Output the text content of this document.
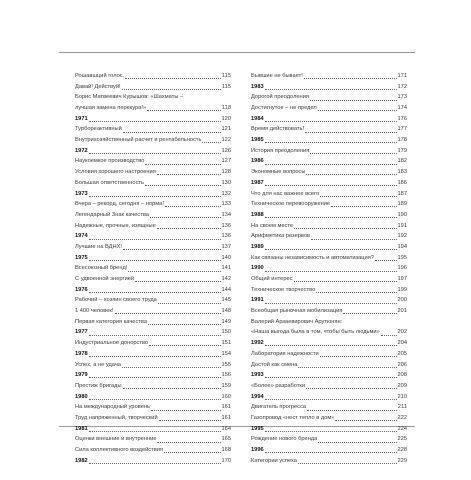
Рошавшций голос.	115
Давай! Действуй!	115
Борис Матвеевич Курышов: «Шахматы –
лучшая замена перекура!»	118
1971	120
Турбореактивный	121
Внутрихозяйственный расчет и рентабельность	122
1972	126
Наукоемкое производство	127
Условия хорошего настроения	128
Большая ответственность	130
1973	132
Вчера – рекорд, сегодня – норма!	133
Легендарный Знак качества	134
Надежные, прочные, изящные	136
1974	136
Лучшие на ВДНХ!	137
1975	140
Всесоюзный бренд!	141
С удвоенной энергией	142
1976	144
Рабочий – хозяин своего труда	145
1 400 человек!	148
Первая категория качества	149
1977	150
Индустриальное донорство	151
1978	154
Успех, а не удача	155
1979	156
Престиж бригады	159
1980	160
На международный уровень	161
Труд напряженный, творческий	161
1981	164
Оценки внешние и внутренние	165
Сила коллективного воздействия	168
1982	170
Бывшие не бывает!	171
1983	172
Дорогой преодоления	173
Достигнутое – не предел	174
1984	176
Время действовать!	177
1985	178
История преодоления	179
1986	182
Экономные вопросы	183
1987	186
Что для нас важнее всего	187
Техническое перевооружение	189
1988	190
На своем месте	191
Арифметика резервов	192
1989	194
Как связаны независимость и автоматизация?	195
1990	196
Общий интерес	197
Техническое творчество	199
1991	200
Всеобщая рыночная мобилизация	201
Валерий Арзаевирович Арутюнян:
«Наша выгода была в том, чтобы быть людьми»	202
1992	204
Лаборатория надежности	205
Достой как смена	206
1993	208
«Более» разработки	209
1994	210
Двигатель прогресса	211
Газопровод «нест тепло в дом»	222
1995	224
Рождение нового бренда	225
1996	228
Категории успеха	229
